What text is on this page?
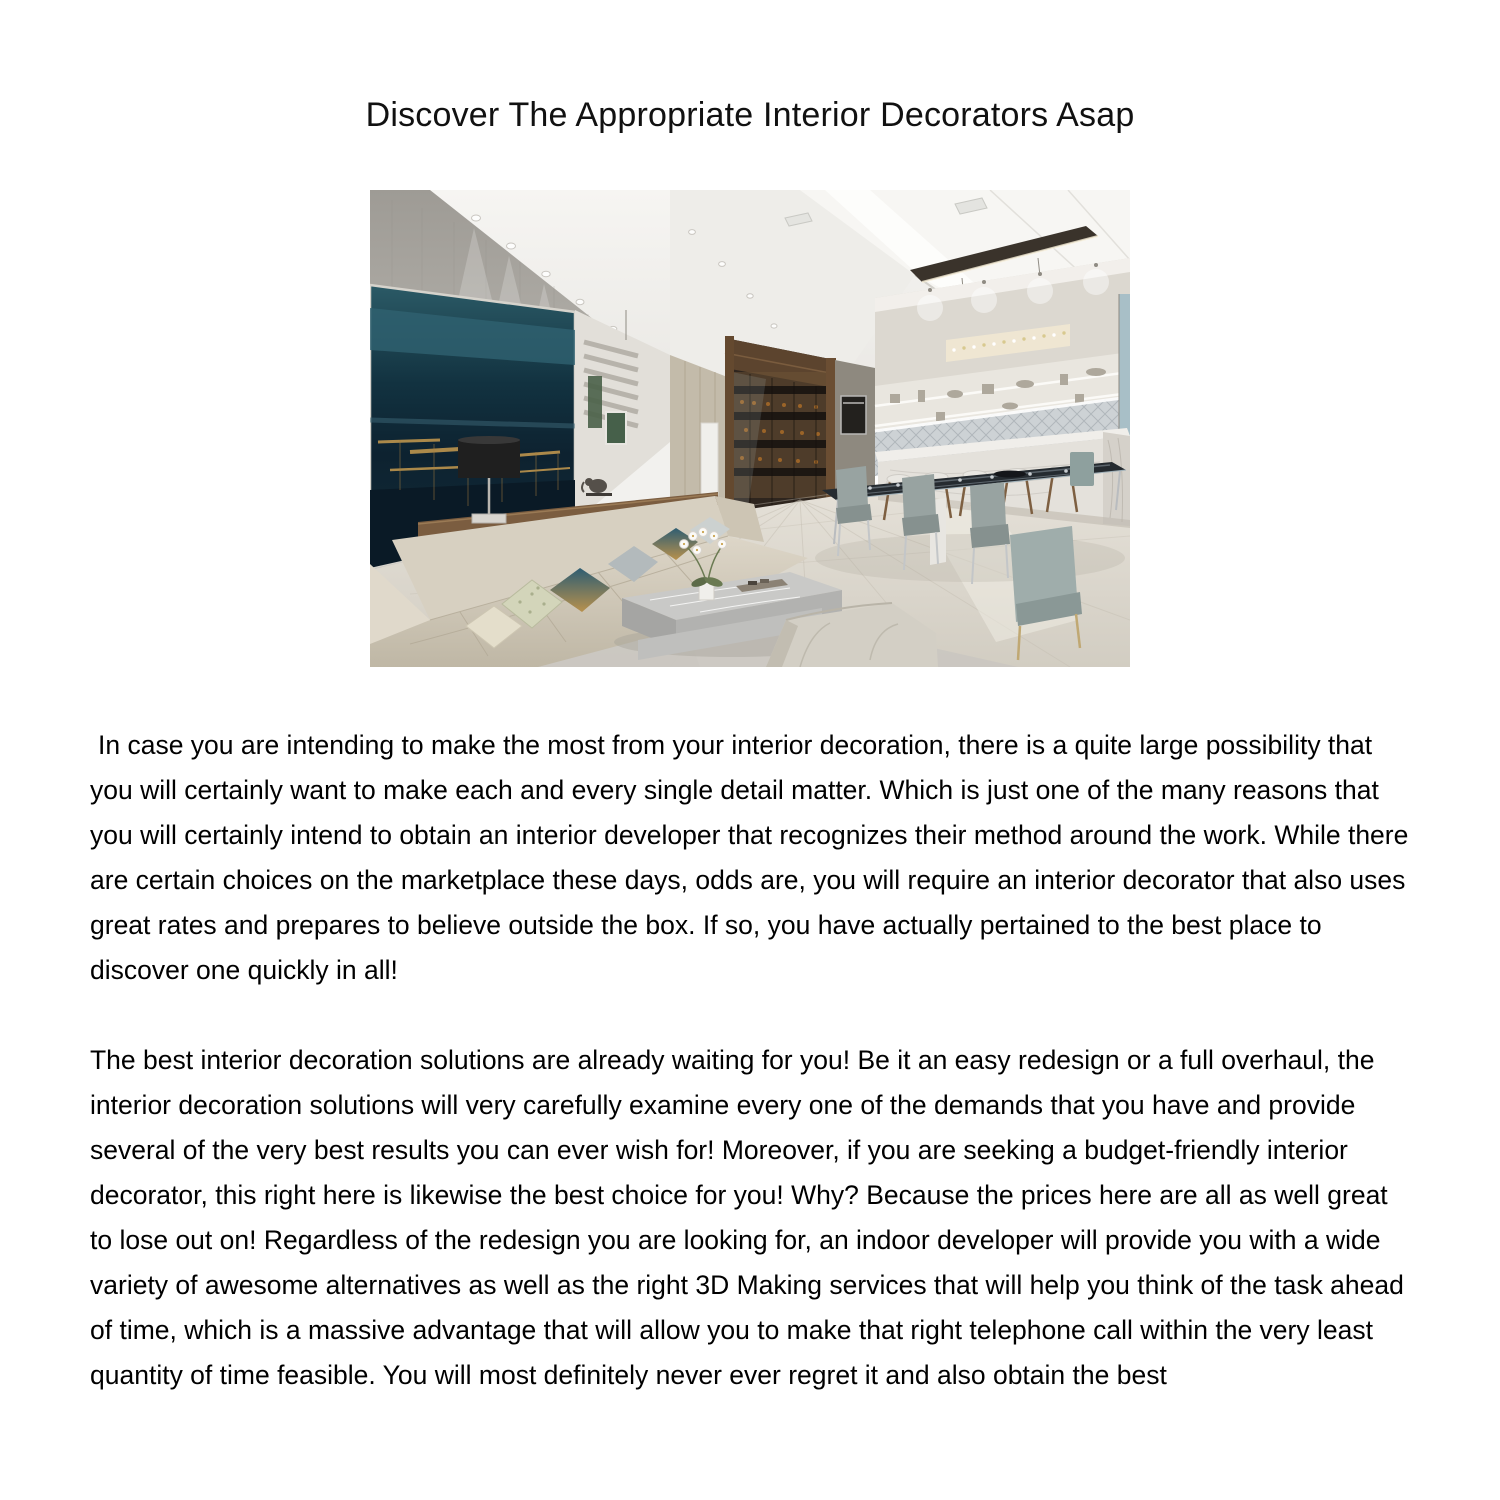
Discover The Appropriate Interior Decorators Asap

In case you are intending to make the most from your interior decoration, there is a quite large possibility that you will certainly want to make each and every single detail matter. Which is just one of the many reasons that you will certainly intend to obtain an interior developer that recognizes their method around the work. While there are certain choices on the marketplace these days, odds are, you will require an interior decorator that also uses great rates and prepares to believe outside the box. If so, you have actually pertained to the best place to discover one quickly in all!

The best interior decoration solutions are already waiting for you! Be it an easy redesign or a full overhaul, the interior decoration solutions will very carefully examine every one of the demands that you have and provide several of the very best results you can ever wish for! Moreover, if you are seeking a budget-friendly interior decorator, this right here is likewise the best choice for you! Why? Because the prices here are all as well great to lose out on! Regardless of the redesign you are looking for, an indoor developer will provide you with a wide variety of awesome alternatives as well as the right 3D Making services that will help you think of the task ahead of time, which is a massive advantage that will allow you to make that right telephone call within the very least quantity of time feasible. You will most definitely never ever regret it and also obtain the best
